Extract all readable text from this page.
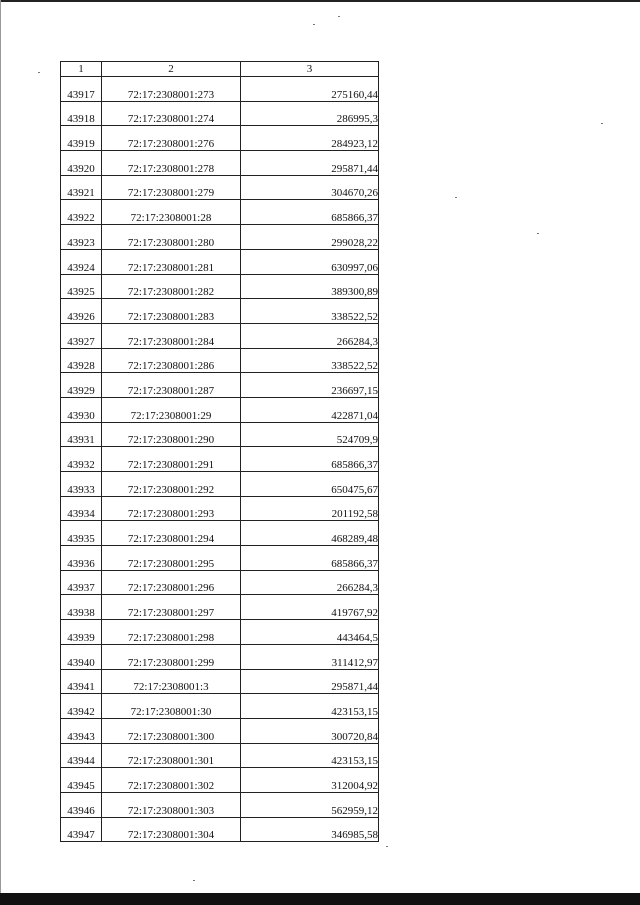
1	2	3
43917	72:17:2308001:273	275160,44
43918	72:17:2308001:274	286995,3
43919	72:17:2308001:276	284923,12
43920	72:17:2308001:278	295871,44
43921	72:17:2308001:279	304670,26
43922	72:17:2308001:28	685866,37
43923	72:17:2308001:280	299028,22
43924	72:17:2308001:281	630997,06
43925	72:17:2308001:282	389300,89
43926	72:17:2308001:283	338522,52
43927	72:17:2308001:284	266284,3
43928	72:17:2308001:286	338522,52
43929	72:17:2308001:287	236697,15
43930	72:17:2308001:29	422871,04
43931	72:17:2308001:290	524709,9
43932	72:17:2308001:291	685866,37
43933	72:17:2308001:292	650475,67
43934	72:17:2308001:293	201192,58
43935	72:17:2308001:294	468289,48
43936	72:17:2308001:295	685866,37
43937	72:17:2308001:296	266284,3
43938	72:17:2308001:297	419767,92
43939	72:17:2308001:298	443464,5
43940	72:17:2308001:299	311412,97
43941	72:17:2308001:3	295871,44
43942	72:17:2308001:30	423153,15
43943	72:17:2308001:300	300720,84
43944	72:17:2308001:301	423153,15
43945	72:17:2308001:302	312004,92
43946	72:17:2308001:303	562959,12
43947	72:17:2308001:304	346985,58
